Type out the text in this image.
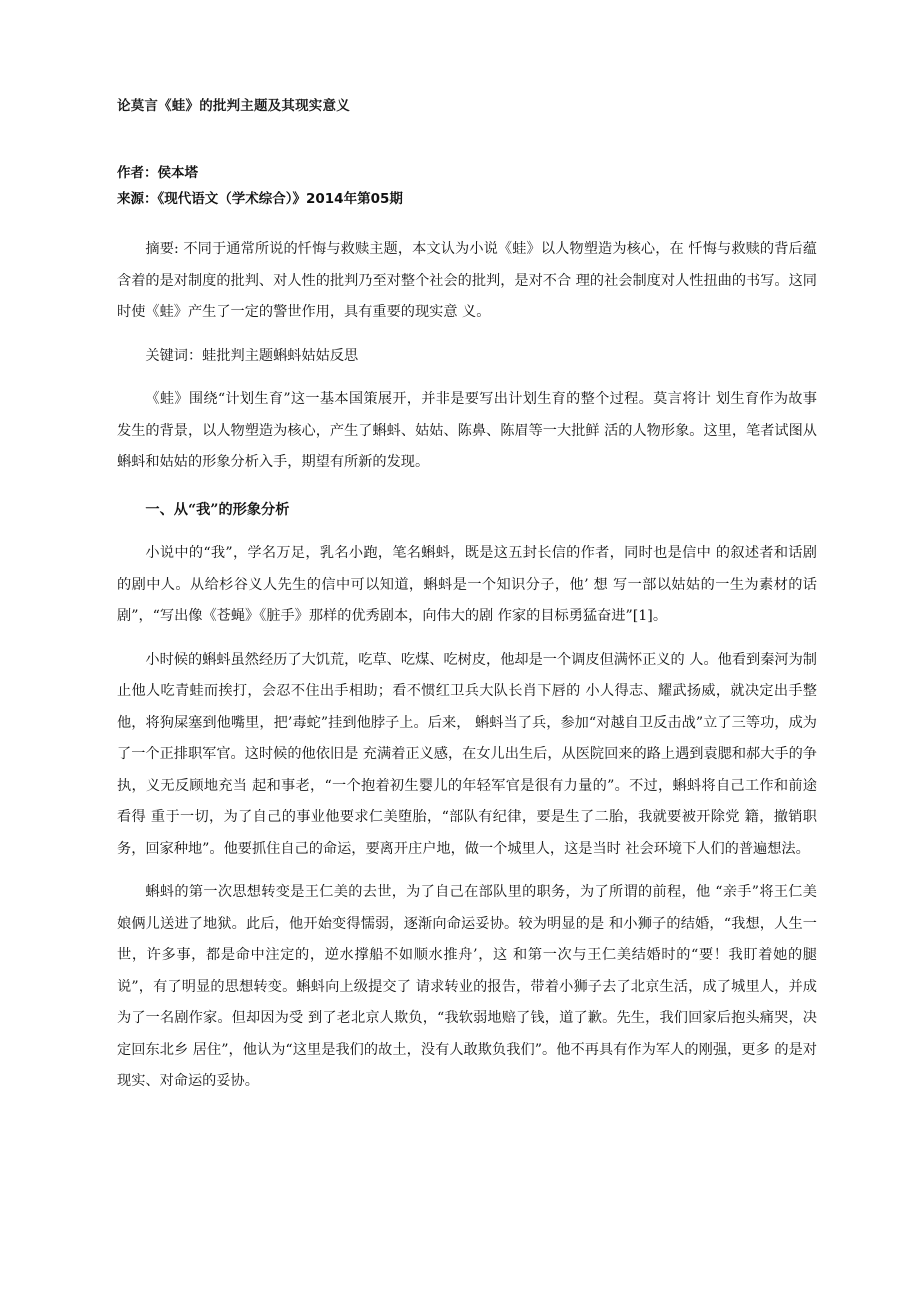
论莫言《蛙》的批判主题及其现实意义
作者：侯本塔
来源：《现代语文（学术综合）》2014年第05期

摘要: 不同于通常所说的忏悔与救赎主题，本文认为小说《蛙》以人物塑造为核心，在 忏悔与救赎的背后蕴含着的是对制度的批判、对人性的批判乃至对整个社会的批判，是对不合 理的社会制度对人性扭曲的书写。这同时使《蛙》产生了一定的警世作用，具有重要的现实意 义。

关键词：蛙批判主题蝌蚪姑姑反思

《蛙》围绕“计划生育”这一基本国策展开，并非是要写出计划生育的整个过程。莫言将计 划生育作为故事发生的背景，以人物塑造为核心，产生了蝌蚪、姑姑、陈鼻、陈眉等一大批鲜 活的人物形象。这里，笔者试图从蝌蚪和姑姑的形象分析入手，期望有所新的发现。

一、从“我”的形象分析

小说中的“我”，学名万足，乳名小跑，笔名蝌蚪，既是这五封长信的作者，同时也是信中 的叙述者和话剧的剧中人。从给杉谷义人先生的信中可以知道，蝌蚪是一个知识分子，他’ 想 写一部以姑姑的一生为素材的话剧”，“写出像《苍蝇》《脏手》那样的优秀剧本，向伟大的剧 作家的目标勇猛奋进”[1]。

小时候的蝌蚪虽然经历了大饥荒，吃草、吃煤、吃树皮，他却是一个调皮但满怀正义的 人。他看到秦河为制止他人吃青蛙而挨打，会忍不住出手相助；看不惯红卫兵大队长肖下唇的 小人得志、耀武扬威，就决定出手整他，将狗屎塞到他嘴里，把’毒蛇”挂到他脖子上。后来， 蝌蚪当了兵，参加“对越自卫反击战”立了三等功，成为了一个正排职军官。这时候的他依旧是 充满着正义感，在女儿出生后，从医院回来的路上遇到袁腮和郝大手的争执，义无反顾地充当 起和事老，“一个抱着初生婴儿的年轻军官是很有力量的”。不过，蝌蚪将自己工作和前途看得 重于一切，为了自己的事业他要求仁美堕胎，“部队有纪律，要是生了二胎，我就要被开除党 籍，撤销职务，回家种地”。他要抓住自己的命运，要离开庄户地，做一个城里人，这是当时 社会环境下人们的普遍想法。

蝌蚪的第一次思想转变是王仁美的去世，为了自己在部队里的职务，为了所谓的前程，他 “亲手”将王仁美娘俩儿送进了地狱。此后，他开始变得懦弱，逐渐向命运妥协。较为明显的是 和小狮子的结婚，“我想，人生一世，许多事，都是命中注定的，逆水撑船不如顺水推舟’，这 和第一次与王仁美结婚时的“要！我盯着她的腿说”，有了明显的思想转变。蝌蚪向上级提交了 请求转业的报告，带着小狮子去了北京生活，成了城里人，并成为了一名剧作家。但却因为受 到了老北京人欺负，“我软弱地赔了钱，道了歉。先生，我们回家后抱头痛哭，决定回东北乡 居住”，他认为“这里是我们的故土，没有人敢欺负我们”。他不再具有作为军人的刚强，更多 的是对现实、对命运的妥协。
